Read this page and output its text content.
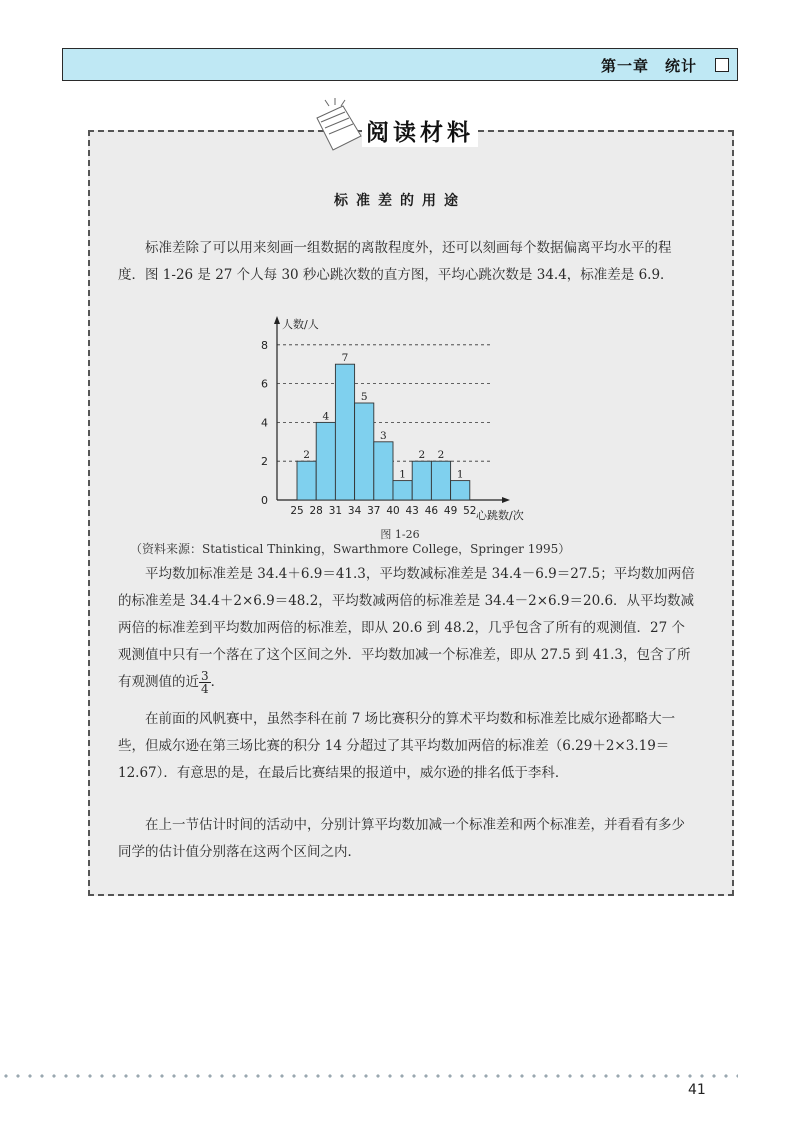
第一章　统计
阅读材料
标准差的用途
标准差除了可以用来刻画一组数据的离散程度外，还可以刻画每个数据偏离平均水平的程度．图 1-26 是 27 个人每 30 秒心跳次数的直方图，平均心跳次数是 34.4，标准差是 6.9．
人数/人
心跳数/次
2
4
7
5
3
1
2 2
1
25 28 31 34 37 40 43 46 49 52
0
2
4
6
8
图 1-26
（资料来源：Statistical Thinking，Swarthmore College，Springer 1995）
平均数加标准差是 34.4＋6.9＝41.3，平均数减标准差是 34.4－6.9＝27.5；平均数加两倍的标准差是 34.4＋2×6.9＝48.2，平均数减两倍的标准差是 34.4－2×6.9＝20.6．从平均数减两倍的标准差到平均数加两倍的标准差，即从 20.6 到 48.2，几乎包含了所有的观测值．27 个观测值中只有一个落在了这个区间之外．平均数加减一个标准差，即从 27.5 到 41.3，包含了所有观测值的近 $\frac{3}{4}$ ．
在前面的风帆赛中，虽然李科在前 7 场比赛积分的算术平均数和标准差比威尔逊都略大一些，但威尔逊在第三场比赛的积分 14 分超过了其平均数加两倍的标准差（6.29＋2×3.19＝12.67）．有意思的是，在最后比赛结果的报道中，威尔逊的排名低于李科．
在上一节估计时间的活动中，分别计算平均数加减一个标准差和两个标准差，并看看有多少同学的估计值分别落在这两个区间之内．
41
